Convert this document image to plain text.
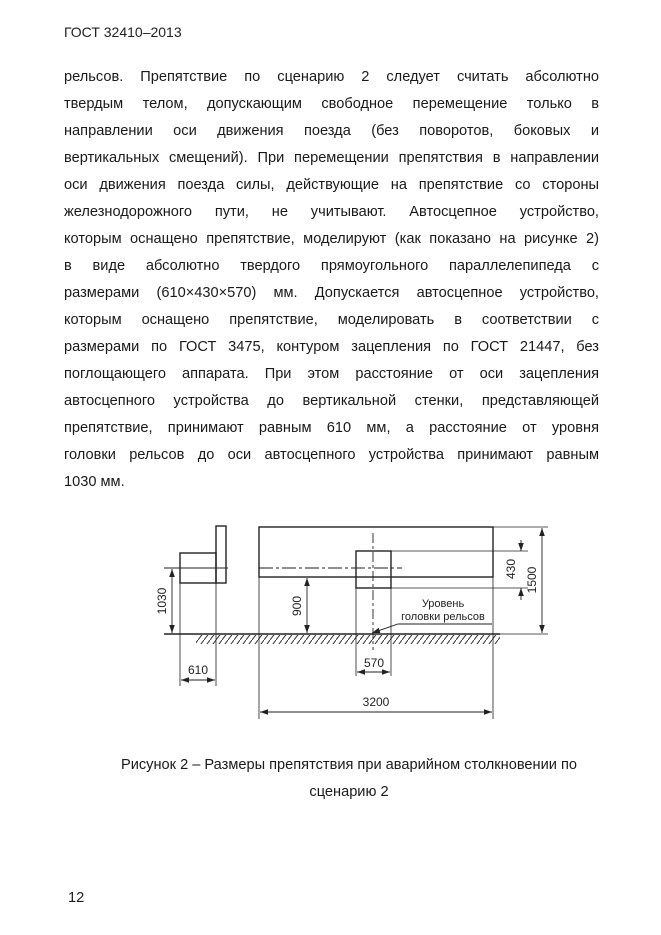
ГОСТ 32410–2013
рельсов. Препятствие по сценарию 2 следует считать абсолютно
твердым телом, допускающим свободное перемещение только в
направлении оси движения поезда (без поворотов, боковых и
вертикальных смещений). При перемещении препятствия в направлении
оси движения поезда силы, действующие на препятствие со стороны
железнодорожного пути, не учитывают. Автосцепное устройство,
которым оснащено препятствие, моделируют (как показано на рисунке 2)
в виде абсолютно твердого прямоугольного параллелепипеда с
размерами (610×430×570) мм. Допускается автосцепное устройство,
которым оснащено препятствие, моделировать в соответствии с
размерами по ГОСТ 3475, контуром зацепления по ГОСТ 21447, без
поглощающего аппарата. При этом расстояние от оси зацепления
автосцепного устройства до вертикальной стенки, представляющей
препятствие, принимают равным 610 мм, а расстояние от уровня
головки рельсов до оси автосцепного устройства принимают равным
1030 мм.
1030	900
430 1500
610	570
3200
Уровень
головки рельсов
Рисунок 2 – Размеры препятствия при аварийном столкновении по
сценарию 2
12
